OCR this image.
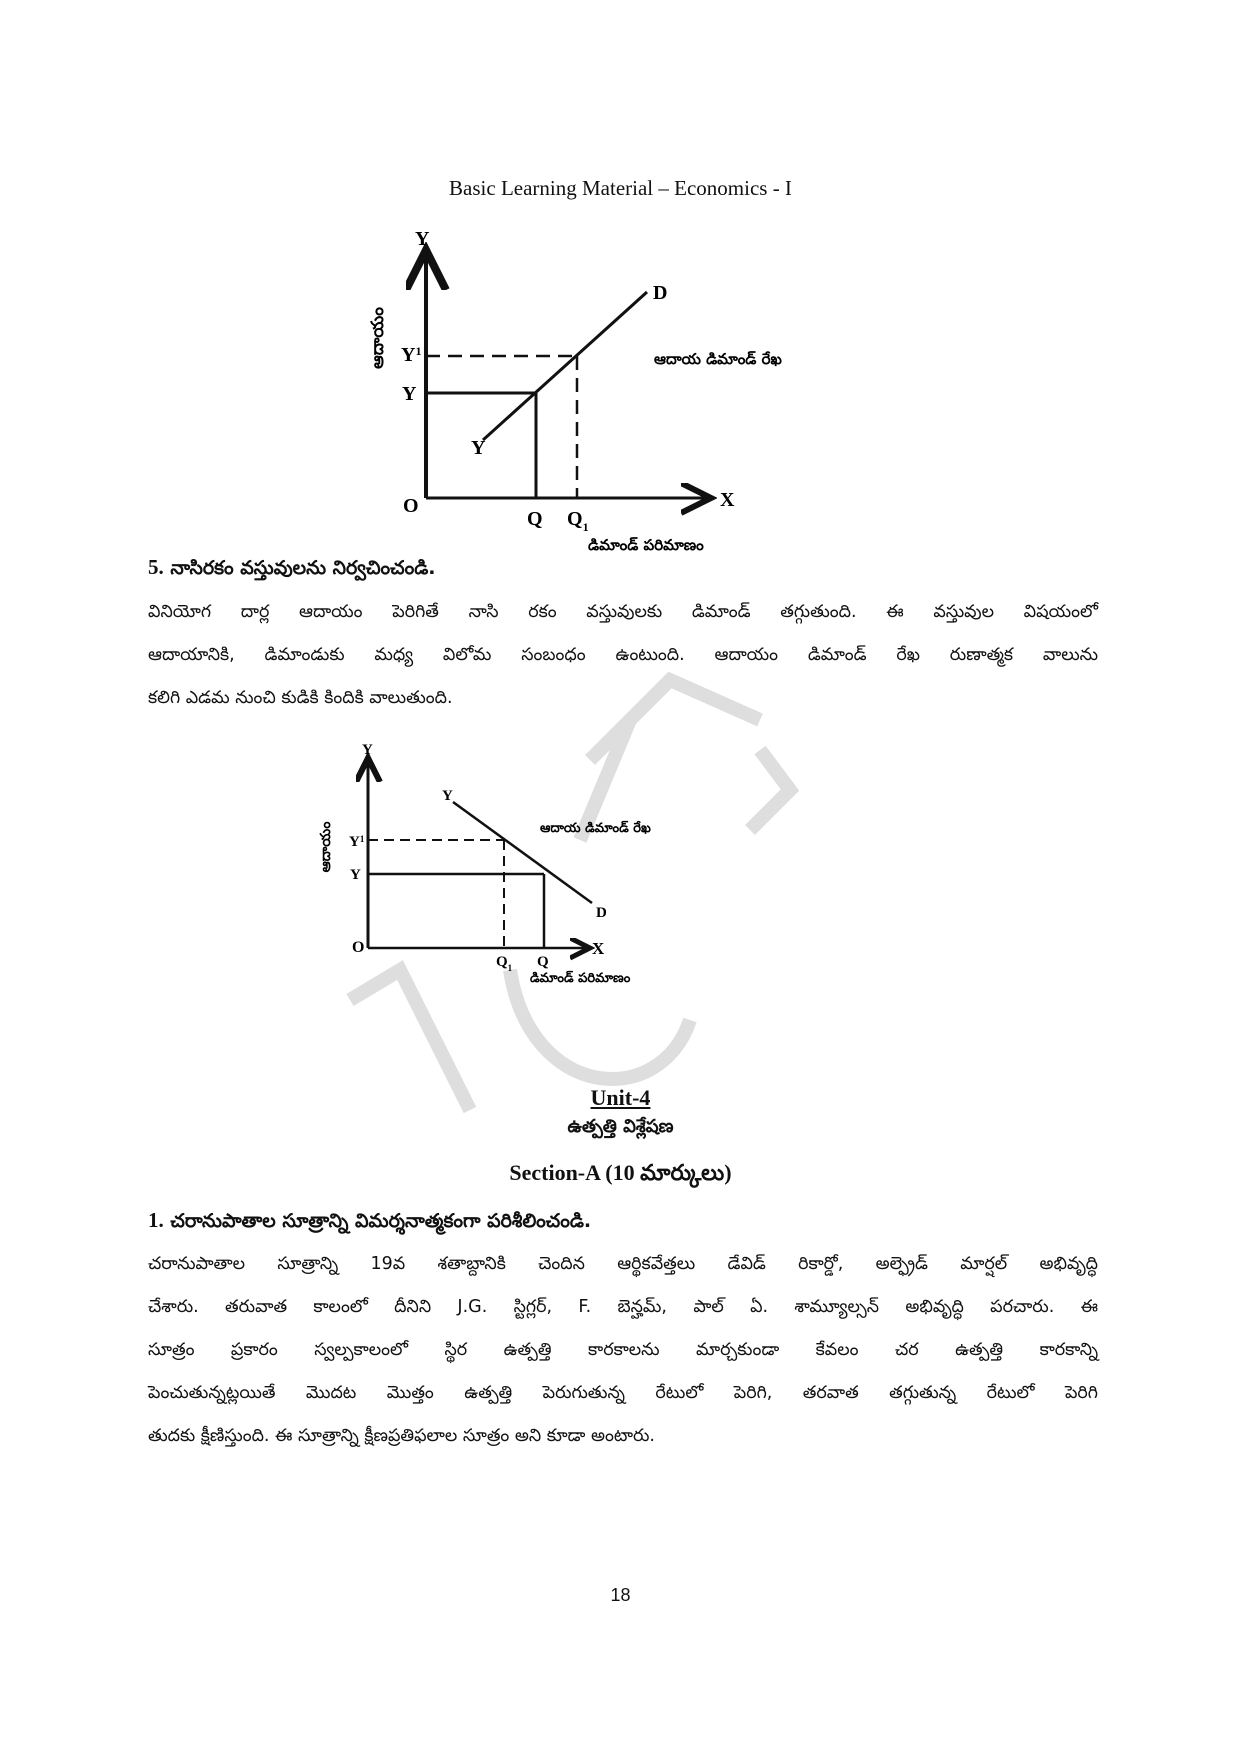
Basic Learning Material – Economics - I
Y
X
O
Y
$Y^1$
Q $Q_1$
Y
D
ఆదాయ డిమాండ్ రేఖ
డిమాండ్ పరిమాణం
ఆదాయం
5. నాసిరకం వస్తువులను నిర్వచించండి.
వినియోగ దార్ల ఆదాయం పెరిగితే నాసి రకం వస్తువులకు డిమాండ్ తగ్గుతుంది. ఈ వస్తువుల విషయంలో
ఆదాయానికి, డిమాండుకు మధ్య విలోమ సంబంధం ఉంటుంది. ఆదాయం డిమాండ్ రేఖ రుణాత్మక వాలును
కలిగి ఎడమ నుంచి కుడికి కిందికి వాలుతుంది.
Y
X
O
Y
$Y^1$
Q
$Q_1$
Y
D
ఆదాయ డిమాండ్ రేఖ
డిమాండ్ పరిమాణం
ఆదాయం
Unit-4
ఉత్పత్తి విశ్లేషణ
Section-A (10 మార్కులు)
1. చరానుపాతాల సూత్రాన్ని విమర్శనాత్మకంగా పరిశీలించండి.
చరానుపాతాల సూత్రాన్ని 19వ శతాబ్దానికి చెందిన ఆర్థికవేత్తలు డేవిడ్ రికార్డో, అల్ఫ్రెడ్ మార్షల్ అభివృద్ధి
చేశారు. తరువాత కాలంలో దీనిని J.G. స్టిగ్లర్, F. బెన్హమ్, పాల్ ఏ. శామ్యూల్సన్ అభివృద్ధి పరచారు. ఈ
సూత్రం ప్రకారం స్వల్పకాలంలో స్థిర ఉత్పత్తి కారకాలను మార్చకుండా కేవలం చర ఉత్పత్తి కారకాన్ని
పెంచుతున్నట్లయితే మొదట మొత్తం ఉత్పత్తి పెరుగుతున్న రేటులో పెరిగి, తరవాత తగ్గుతున్న రేటులో పెరిగి
తుదకు క్షీణిస్తుంది. ఈ సూత్రాన్ని క్షీణప్రతిఫలాల సూత్రం అని కూడా అంటారు.
18
